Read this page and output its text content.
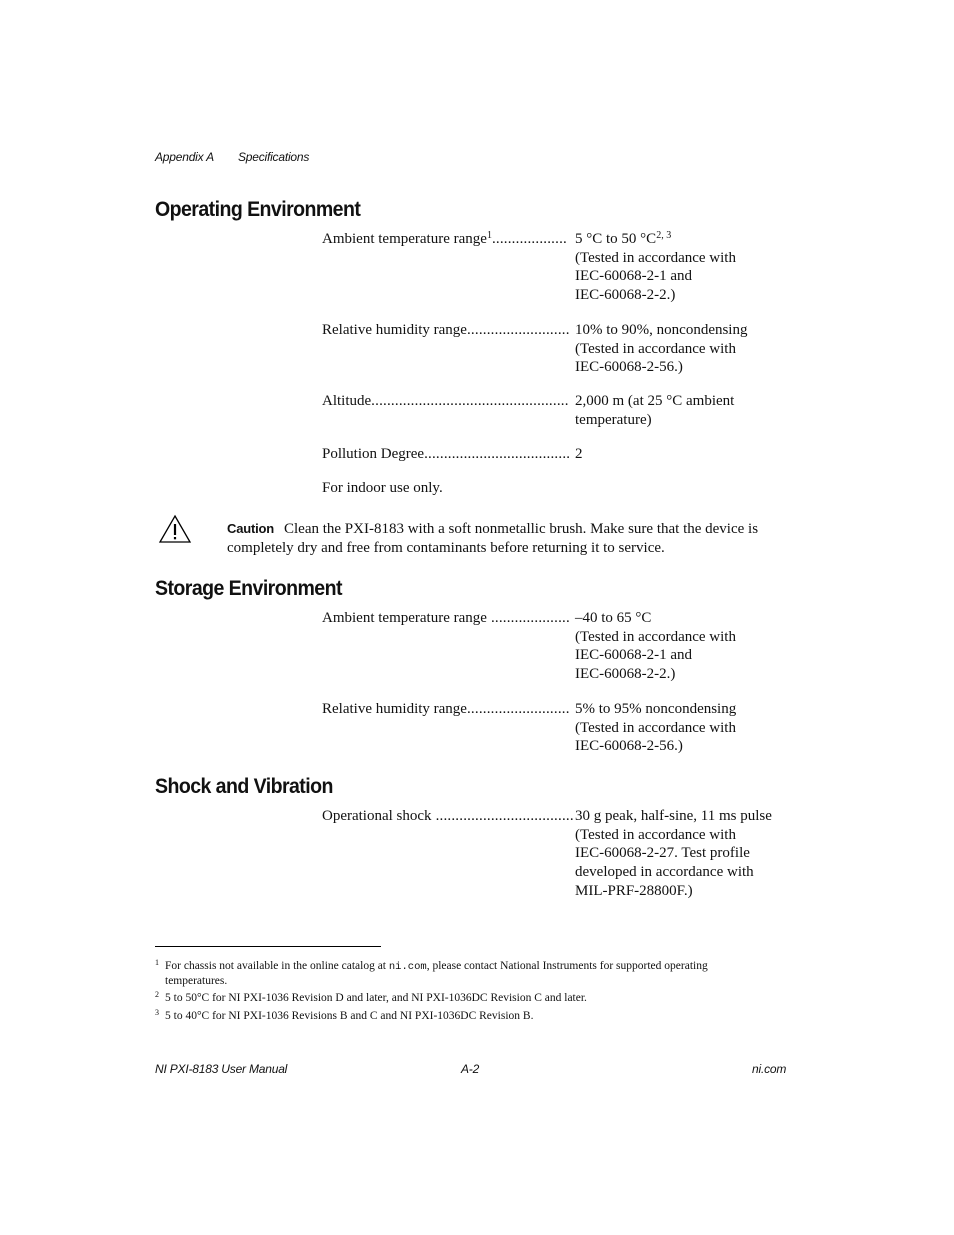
Appendix A Specifications
Operating Environment
Ambient temperature range$^1$ ................... 5 °C to 50 $^\circ C^{2, 3}$
(Tested in accordance with
IEC-60068-2-1 and
IEC-60068-2-2.)
Relative humidity range .......................... 10% to 90%, noncondensing
(Tested in accordance with
IEC-60068-2-56.)
Altitude .................................................. 2,000 m (at 25 °C ambient
temperature)
Pollution Degree ..................................... 2
For indoor use only.
Caution Clean the PXI-8183 with a soft nonmetallic brush. Make sure that the device is completely dry and free from contaminants before returning it to service.
Storage Environment
Ambient temperature range .................... –40 to 65 °C
(Tested in accordance with
IEC-60068-2-1 and
IEC-60068-2-2.)
Relative humidity range .......................... 5% to 95% noncondensing
(Tested in accordance with
IEC-60068-2-56.)
Shock and Vibration
Operational shock ................................... 30 g peak, half-sine, 11 ms pulse
(Tested in accordance with
IEC-60068-2-27. Test profile
developed in accordance with
MIL-PRF-28800F.)
1 For chassis not available in the online catalog at ni.com, please contact National Instruments for supported operating temperatures.
2 5 to 50°C for NI PXI-1036 Revision D and later, and NI PXI-1036DC Revision C and later.
3 5 to 40°C for NI PXI-1036 Revisions B and C and NI PXI-1036DC Revision B.
NI PXI-8183 User Manual	A-2	ni.com
